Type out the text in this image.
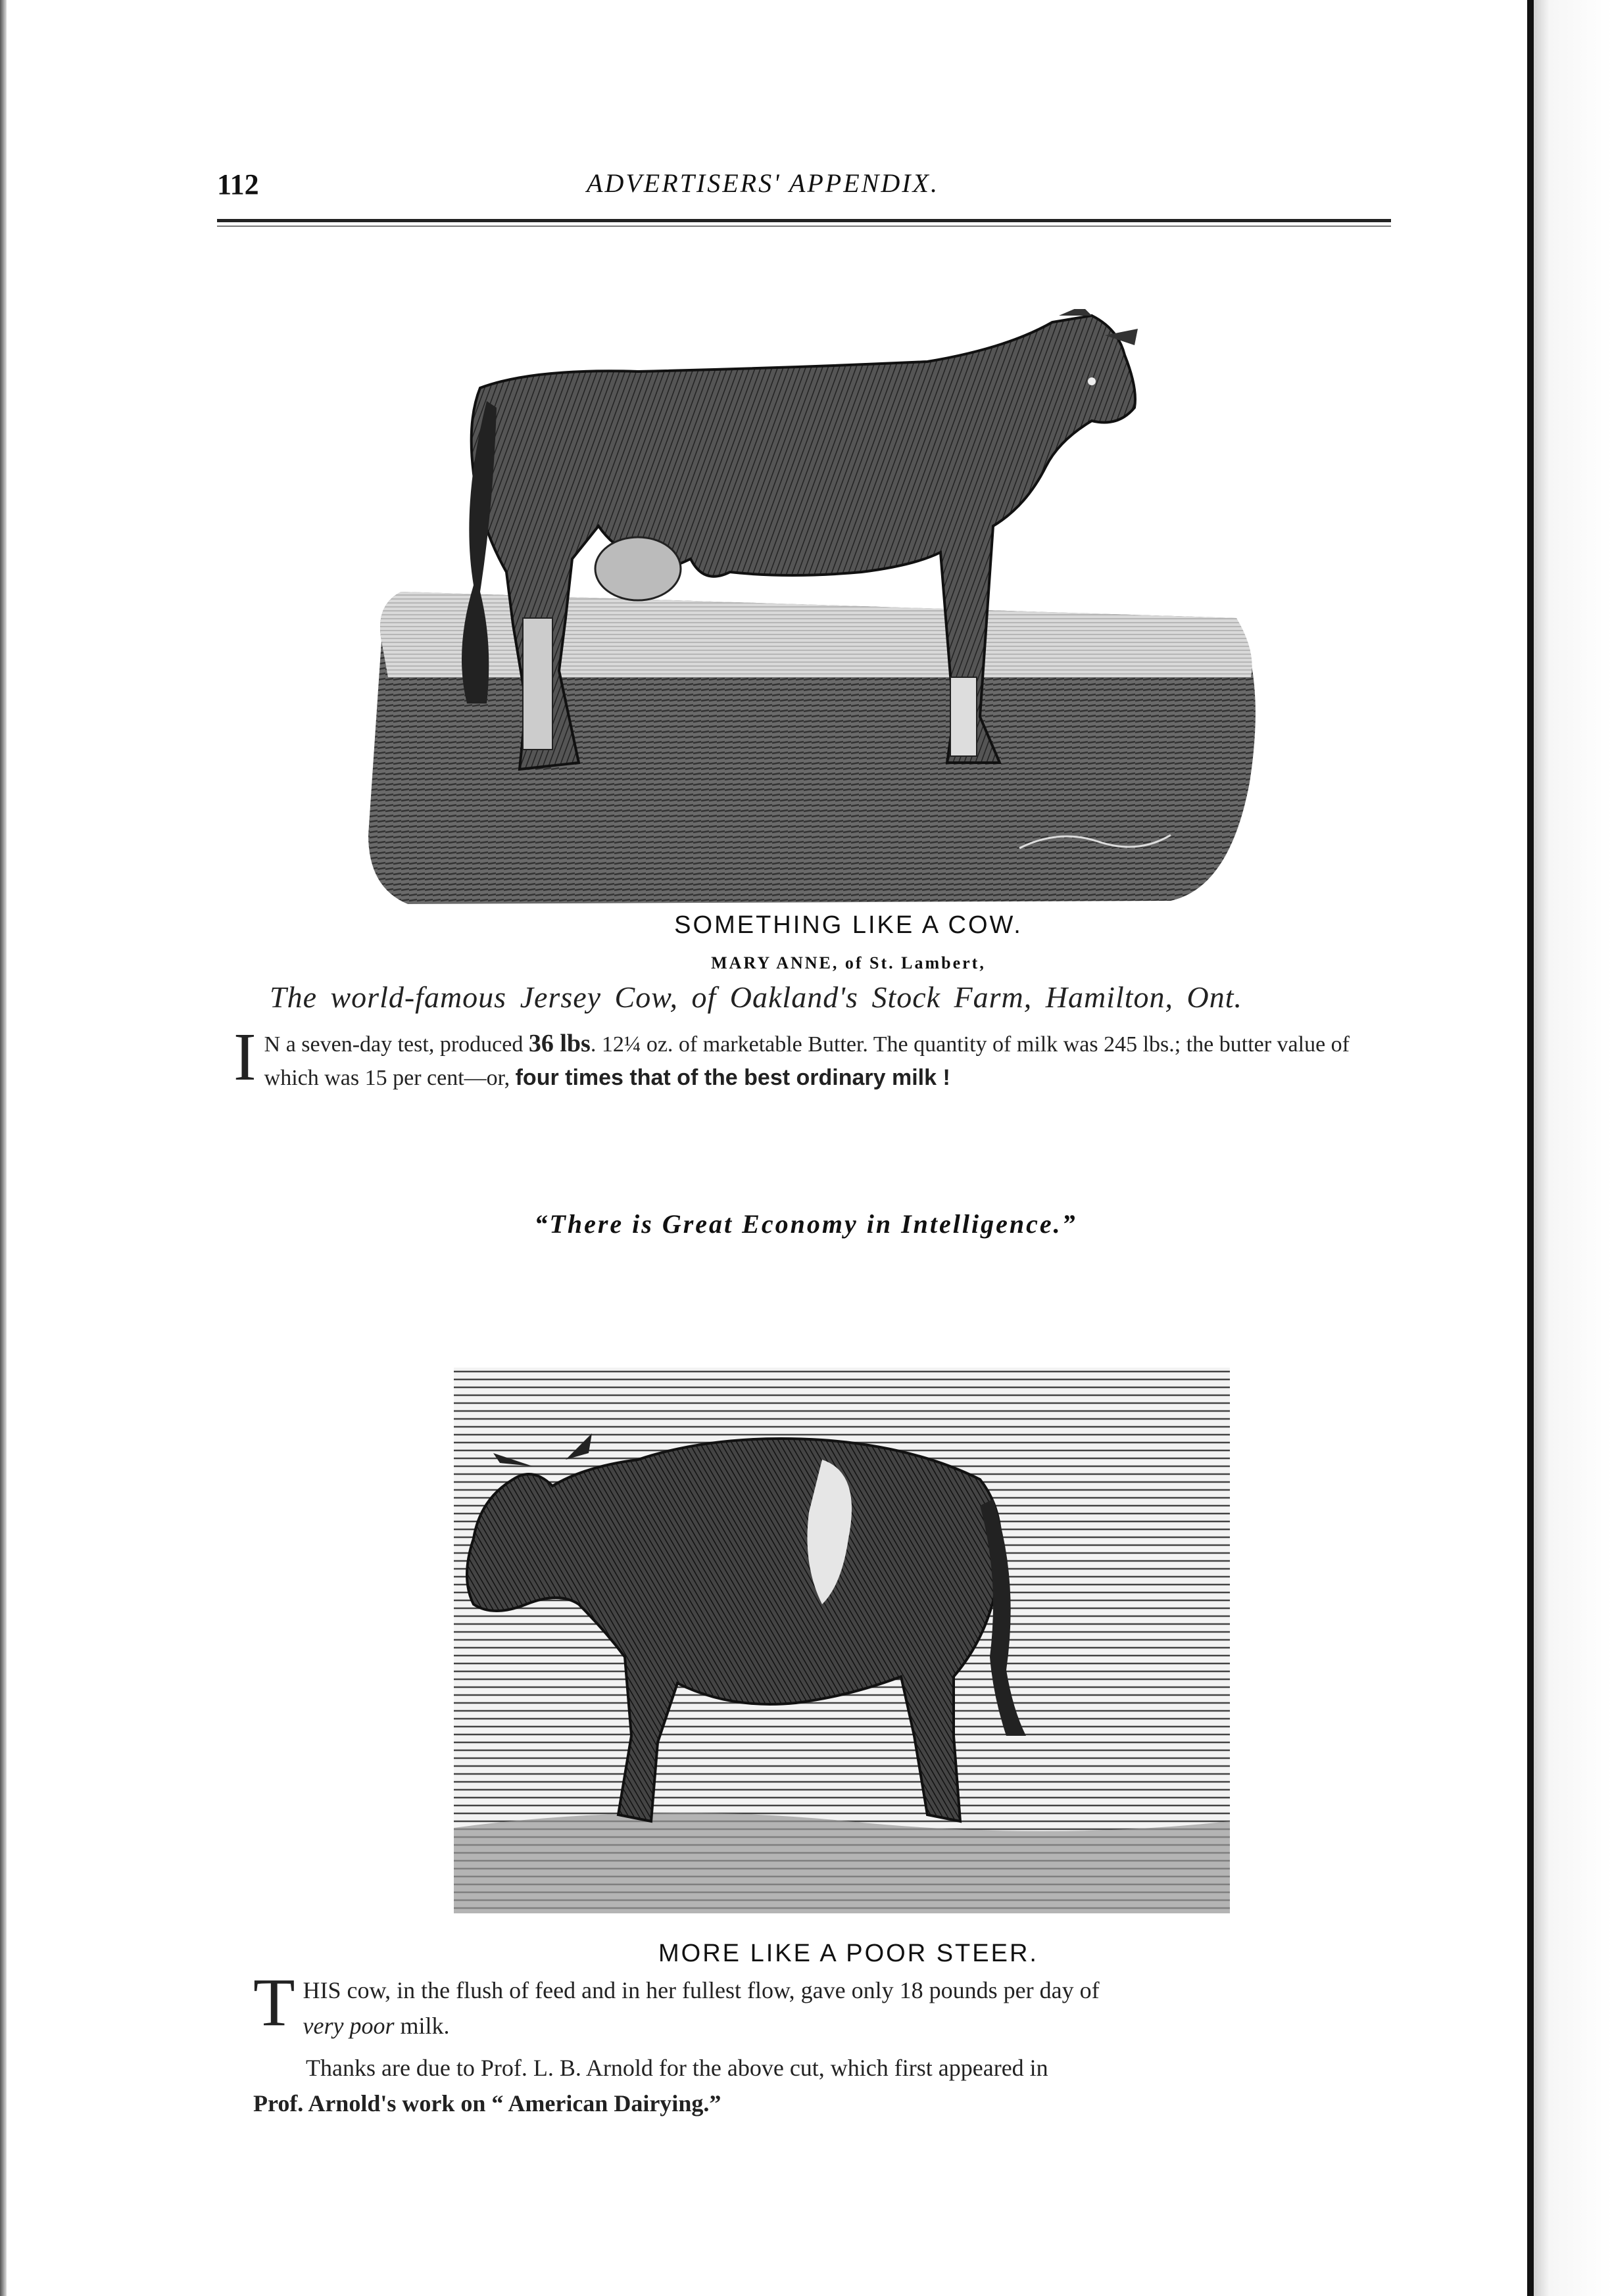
112	ADVERTISERS' APPENDIX.
SOMETHING LIKE A COW.
MARY ANNE, of St. Lambert,
The world-famous Jersey Cow, of Oakland's Stock Farm, Hamilton, Ont.
I N a seven-day test, produced 36 lbs. 12¼ oz. of marketable Butter. The quantity of milk was 245 lbs.; the butter value of which was 15 per cent—or, four times that of the best ordinary milk !
“There is Great Economy in Intelligence.”
MORE LIKE A POOR STEER.
T HIS cow, in the flush of feed and in her fullest flow, gave only 18 pounds per day of
very poor milk.
Thanks are due to Prof. L. B. Arnold for the above cut, which first appeared in
Prof. Arnold's work on “ American Dairying.”
